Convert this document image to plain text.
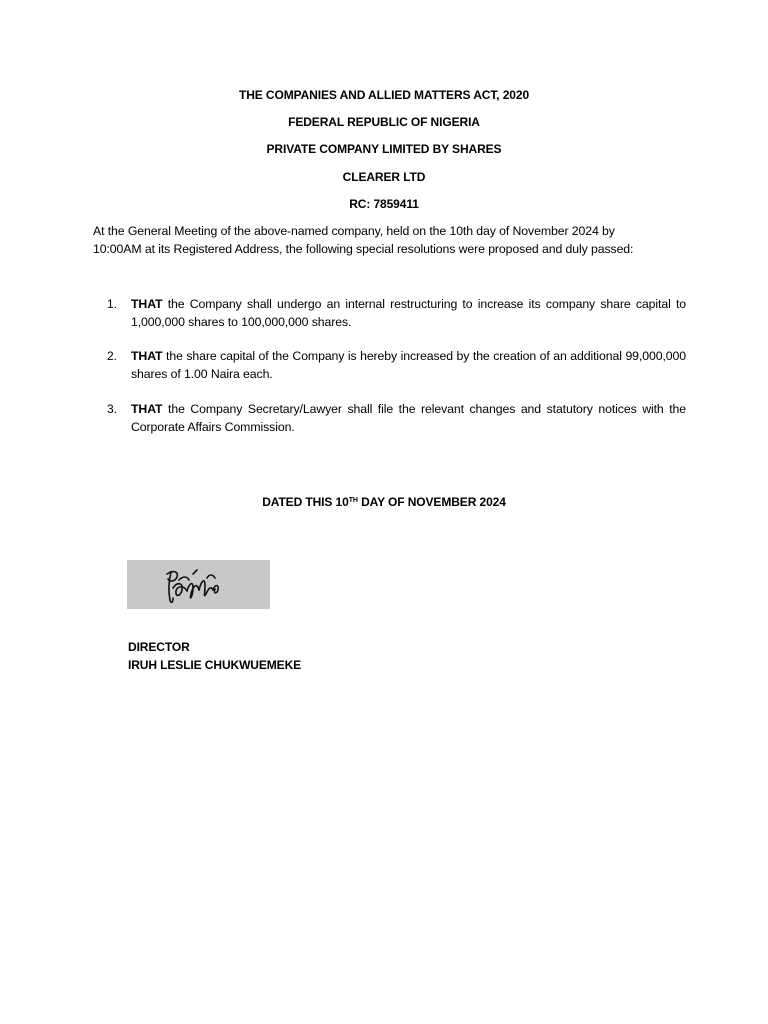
THE COMPANIES AND ALLIED MATTERS ACT, 2020
FEDERAL REPUBLIC OF NIGERIA
PRIVATE COMPANY LIMITED BY SHARES
CLEARER LTD
RC: 7859411
At the General Meeting of the above-named company, held on the 10th day of November 2024 by
10:00AM at its Registered Address, the following special resolutions were proposed and duly passed:
1. THAT the Company shall undergo an internal restructuring to increase its company share capital to 1,000,000 shares to 100,000,000 shares.
2. THAT the share capital of the Company is hereby increased by the creation of an additional 99,000,000 shares of 1.00 Naira each.
3. THAT the Company Secretary/Lawyer shall file the relevant changes and statutory notices with the Corporate Affairs Commission.
DATED THIS 10TH DAY OF NOVEMBER 2024
DIRECTOR
IRUH LESLIE CHUKWUEMEKE
